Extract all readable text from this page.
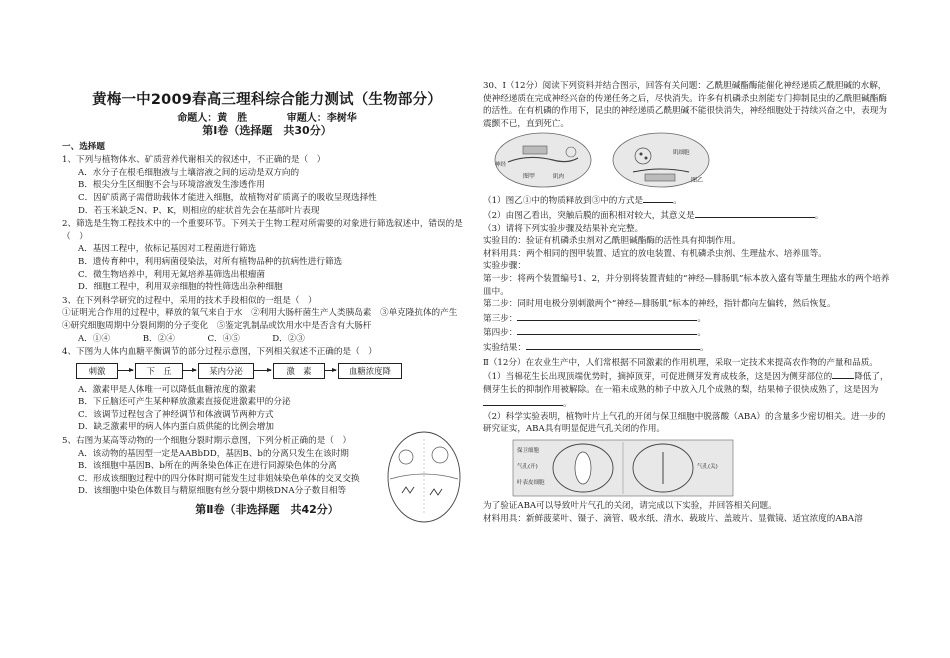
黄梅一中2009春高三理科综合能力测试（生物部分）
命题人：黄　胜	审题人：李树华
第Ⅰ卷（选择题　共30分）
一、选择题
1、下列与植物体水、矿质营养代谢相关的叙述中，不正确的是（　）
A．水分子在根毛细胞液与土壤溶液之间的运动是双方向的
B．根尖分生区细胞不会与环境溶液发生渗透作用
C．因矿质离子需借助载体才能进入细胞，故植物对矿质离子的吸收呈现选择性
D．若玉米缺乏N、P、K，则相应的症状首先会在基部叶片表现
2、筛选是生物工程技术中的一个重要环节。下列关于生物工程对所需要的对象进行筛选叙述中，错误的是（　）
A．基因工程中，依标记基因对工程菌进行筛选
B．遗传育种中，利用病菌侵染法，对所有植物品种的抗病性进行筛选
C．微生物培养中，利用无氮培养基筛选出根瘤菌
D．细胞工程中，利用双亲细胞的特性筛选出杂种细胞
3、在下列科学研究的过程中，采用的技术手段相似的一组是（　）
①证明光合作用的过程中，释放的氧气来自于水　②利用大肠杆菌生产人类胰岛素　③单克隆抗体的产生
④研究细胞周期中分裂间期的分子变化　⑤鉴定乳制品或饮用水中是否含有大肠杆
A．①④	B．②④	C．④⑤	D．②③
4、下图为人体内血糖平衡调节的部分过程示意图，下列相关叙述不正确的是（　）
刺激	下　丘	某内分泌	激　素	血糖浓度降
A．激素甲是人体唯一可以降低血糖浓度的激素
B．下丘脑还可产生某种释放激素直接促进激素甲的分泌
C．该调节过程包含了神经调节和体液调节两种方式
D．缺乏激素甲的病人体内蛋白质供能的比例会增加
5、右图为某高等动物的一个细胞分裂时期示意图，下列分析正确的是（　）
A．该动物的基因型一定是AABbDD，基因B、b的分离只发生在该时期
B．该细胞中基因B、b所在的两条染色体正在进行同源染色体的分离
C．形成该细胞过程中的四分体时期可能发生过非姐妹染色单体的交叉交换
D．该细胞中染色体数目与精原细胞有丝分裂中期核DNA分子数目相等
第Ⅱ卷（非选择题　共42分）
30、Ⅰ（12分）阅读下列资料并结合图示，回答有关问题：乙酰胆碱酯酶能催化神经递质乙酰胆碱的水解，使神经递质在完成神经兴奋的传递任务之后，尽快消失。许多有机磷杀虫剂能专门抑制昆虫的乙酰胆碱酯酶的活性。在有机磷的作用下，昆虫的神经递质乙酰胆碱不能很快消失，神经细胞处于持续兴奋之中，表现为震颤不已，直到死亡。
图甲
神经
肌肉
肌细胞
图乙
（1）图乙①中的物质释放到③中的方式是	。
（2）由图乙看出，突触后膜的面积相对较大，其意义是	。
（3）请将下列实验步骤及结果补充完整。
实验目的：验证有机磷杀虫剂对乙酰胆碱酯酶的活性具有抑制作用。
材料用具：两个相同的图甲装置、适宜的放电装置、有机磷杀虫剂、生理盐水、培养皿等。
实验步骤：
第一步：将两个装置编号1、2，并分别将装置青蛙的“神经—腓肠肌”标本放入盛有等量生理盐水的两个培养皿中。
第二步：同时用电极分别刺激两个“神经—腓肠肌”标本的神经，指针都向左偏转，然后恢复。
第三步：	。
第四步：	。
实验结果：	。
Ⅱ（12分）在农业生产中，人们常根据不同激素的作用机理，采取一定技术来提高农作物的产量和品质。
（1）当棉花生长出现顶端优势时，摘掉顶芽，可促进侧芽发育成枝条，这是因为侧芽部位的	降低了，侧芽生长的抑制作用被解除。在一箱未成熟的柿子中放入几个成熟的梨，结果柿子很快成熟了，这是因为。
（2）科学实验表明，植物叶片上气孔的开闭与保卫细胞中脱落酸（ABA）的含量多少密切相关。进一步的研究证实，ABA具有明显促进气孔关闭的作用。
保卫细胞
气孔(开)
叶表皮细胞
气孔(关)
为了验证ABA可以导致叶片气孔的关闭，请完成以下实验，并回答相关问题。
材料用具：新鲜菠菜叶、镊子、滴管、吸水纸、清水、载玻片、盖玻片、显微镜、适宜浓度的ABA溶
